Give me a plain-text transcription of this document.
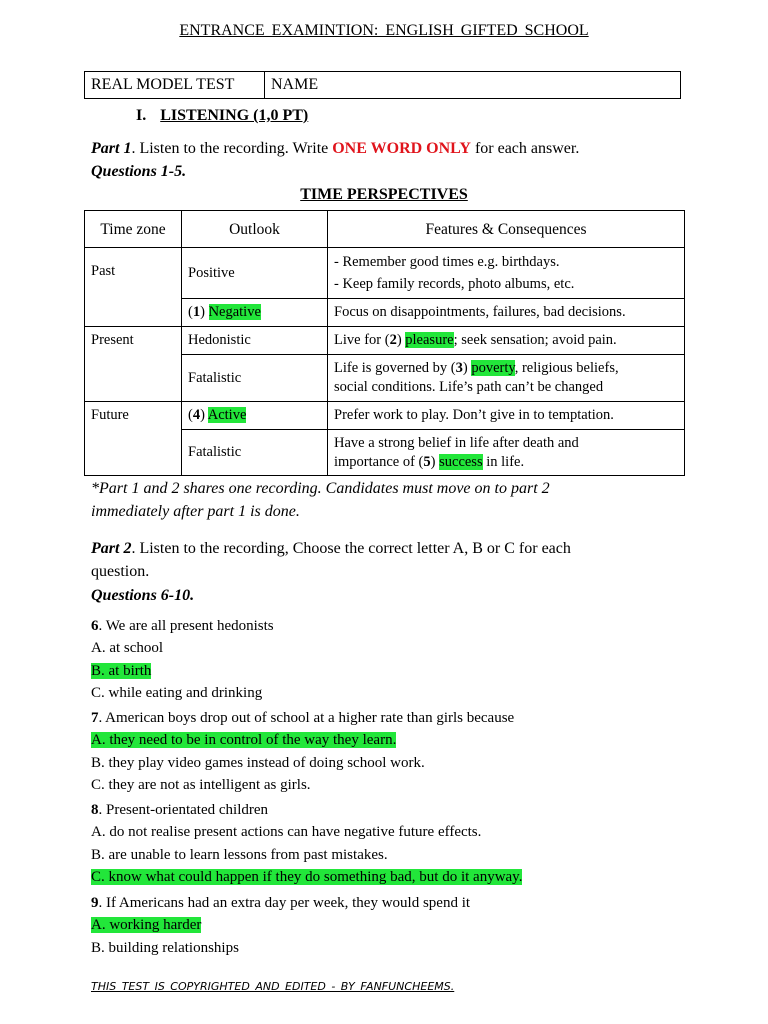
ENTRANCE EXAMINTION: ENGLISH GIFTED SCHOOL
REAL MODEL TEST	NAME
I. LISTENING (1,0 PT)
Part 1. Listen to the recording. Write ONE WORD ONLY for each answer.
Questions 1-5.
TIME PERSPECTIVES
Time zone	Outlook	Features & Consequences
Past	Positive	- Remember good times e.g. birthdays.
- Keep family records, photo albums, etc.

	(1) Negative	Focus on disappointments, failures, bad decisions.
Present	Hedonistic	Live for (2) pleasure; seek sensation; avoid pain.
	Fatalistic	Life is governed by (3) poverty, religious beliefs,
social conditions. Life’s path can’t be changed

Future	(4) Active	Prefer work to play. Don’t give in to temptation.
	Fatalistic	Have a strong belief in life after death and
importance of (5) success in life.
*Part 1 and 2 shares one recording. Candidates must move on to part 2
immediately after part 1 is done.
Part 2. Listen to the recording, Choose the correct letter A, B or C for each
question.
Questions 6-10.
6. We are all present hedonists
A. at school
B. at birth
C. while eating and drinking
7. American boys drop out of school at a higher rate than girls because
A. they need to be in control of the way they learn.
B. they play video games instead of doing school work.
C. they are not as intelligent as girls.
8. Present-orientated children
A. do not realise present actions can have negative future effects.
B. are unable to learn lessons from past mistakes.
C. know what could happen if they do something bad, but do it anyway.
9. If Americans had an extra day per week, they would spend it
A. working harder
B. building relationships
THIS TEST IS COPYRIGHTED AND EDITED - BY FANFUNCHEEMS.
